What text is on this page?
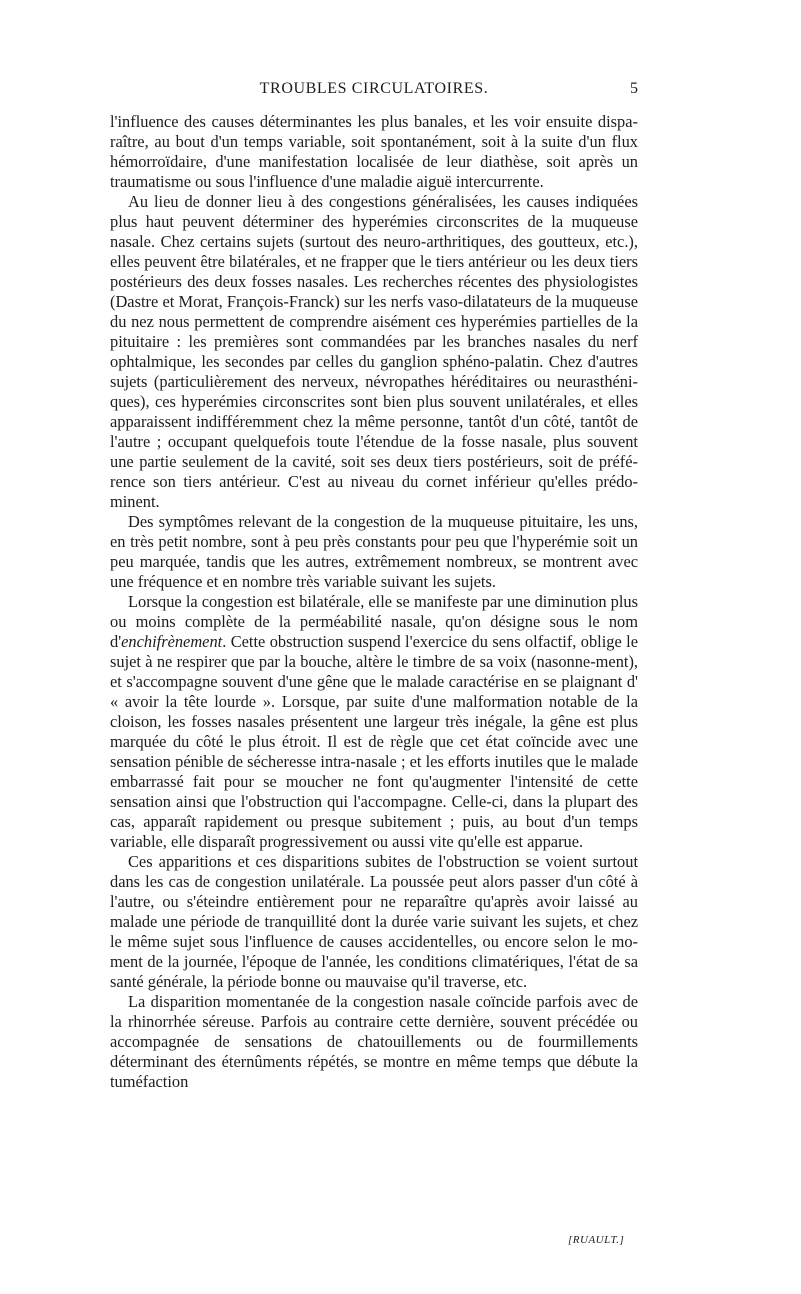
TROUBLES CIRCULATOIRES.	5

l'influence des causes déterminantes les plus banales, et les voir ensuite dispa-raître, au bout d'un temps variable, soit spontanément, soit à la suite d'un flux hémorroïdaire, d'une manifestation localisée de leur diathèse, soit après un traumatisme ou sous l'influence d'une maladie aiguë intercurrente.

Au lieu de donner lieu à des congestions généralisées, les causes indiquées plus haut peuvent déterminer des hyperémies circonscrites de la muqueuse nasale. Chez certains sujets (surtout des neuro-arthritiques, des goutteux, etc.), elles peuvent être bilatérales, et ne frapper que le tiers antérieur ou les deux tiers postérieurs des deux fosses nasales. Les recherches récentes des physiologistes (Dastre et Morat, François-Franck) sur les nerfs vaso-dilatateurs de la muqueuse du nez nous permettent de comprendre aisément ces hyperémies partielles de la pituitaire : les premières sont commandées par les branches nasales du nerf ophtalmique, les secondes par celles du ganglion sphéno-palatin. Chez d'autres sujets (particulièrement des nerveux, névropathes héréditaires ou neurasthéni-ques), ces hyperémies circonscrites sont bien plus souvent unilatérales, et elles apparaissent indifféremment chez la même personne, tantôt d'un côté, tantôt de l'autre ; occupant quelquefois toute l'étendue de la fosse nasale, plus souvent une partie seulement de la cavité, soit ses deux tiers postérieurs, soit de préfé-rence son tiers antérieur. C'est au niveau du cornet inférieur qu'elles prédo-minent.

Des symptômes relevant de la congestion de la muqueuse pituitaire, les uns, en très petit nombre, sont à peu près constants pour peu que l'hyperémie soit un peu marquée, tandis que les autres, extrêmement nombreux, se montrent avec une fréquence et en nombre très variable suivant les sujets.

Lorsque la congestion est bilatérale, elle se manifeste par une diminution plus ou moins complète de la perméabilité nasale, qu'on désigne sous le nom d'enchifrènement. Cette obstruction suspend l'exercice du sens olfactif, oblige le sujet à ne respirer que par la bouche, altère le timbre de sa voix (nasonne-ment), et s'accompagne souvent d'une gêne que le malade caractérise en se plaignant d' « avoir la tête lourde ». Lorsque, par suite d'une malformation notable de la cloison, les fosses nasales présentent une largeur très inégale, la gêne est plus marquée du côté le plus étroit. Il est de règle que cet état coïncide avec une sensation pénible de sécheresse intra-nasale ; et les efforts inutiles que le malade embarrassé fait pour se moucher ne font qu'augmenter l'intensité de cette sensation ainsi que l'obstruction qui l'accompagne. Celle-ci, dans la plupart des cas, apparaît rapidement ou presque subitement ; puis, au bout d'un temps variable, elle disparaît progressivement ou aussi vite qu'elle est apparue.

Ces apparitions et ces disparitions subites de l'obstruction se voient surtout dans les cas de congestion unilatérale. La poussée peut alors passer d'un côté à l'autre, ou s'éteindre entièrement pour ne reparaître qu'après avoir laissé au malade une période de tranquillité dont la durée varie suivant les sujets, et chez le même sujet sous l'influence de causes accidentelles, ou encore selon le mo-ment de la journée, l'époque de l'année, les conditions climatériques, l'état de sa santé générale, la période bonne ou mauvaise qu'il traverse, etc.

La disparition momentanée de la congestion nasale coïncide parfois avec de la rhinorrhée séreuse. Parfois au contraire cette dernière, souvent précédée ou accompagnée de sensations de chatouillements ou de fourmillements déterminant des éternûments répétés, se montre en même temps que débute la tuméfaction

[RUAULT.]
